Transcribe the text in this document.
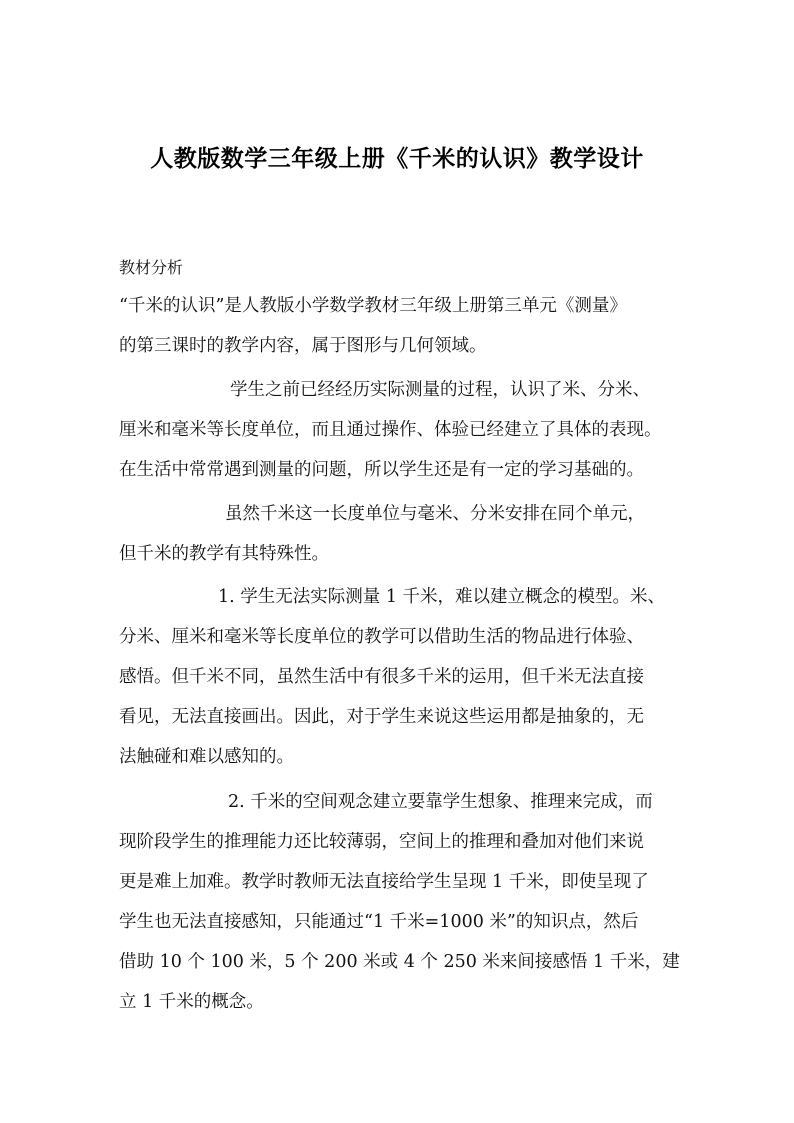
人教版数学三年级上册《千米的认识》教学设计
教材分析
“千米的认识”是人教版小学数学教材三年级上册第三单元《测量》
的第三课时的教学内容，属于图形与几何领域。
学生之前已经经历实际测量的过程，认识了米、分米、
厘米和毫米等长度单位，而且通过操作、体验已经建立了具体的表现。
在生活中常常遇到测量的问题，所以学生还是有一定的学习基础的。
虽然千米这一长度单位与毫米、分米安排在同个单元，
但千米的教学有其特殊性。
1. 学生无法实际测量 1 千米，难以建立概念的模型。米、
分米、厘米和毫米等长度单位的教学可以借助生活的物品进行体验、
感悟。但千米不同，虽然生活中有很多千米的运用，但千米无法直接
看见，无法直接画出。因此，对于学生来说这些运用都是抽象的，无
法触碰和难以感知的。
2. 千米的空间观念建立要靠学生想象、推理来完成，而
现阶段学生的推理能力还比较薄弱，空间上的推理和叠加对他们来说
更是难上加难。教学时教师无法直接给学生呈现 1 千米，即使呈现了
学生也无法直接感知，只能通过“1 千米=1000 米”的知识点，然后
借助 10 个 100 米，5 个 200 米或 4 个 250 米来间接感悟 1 千米，建
立 1 千米的概念。
